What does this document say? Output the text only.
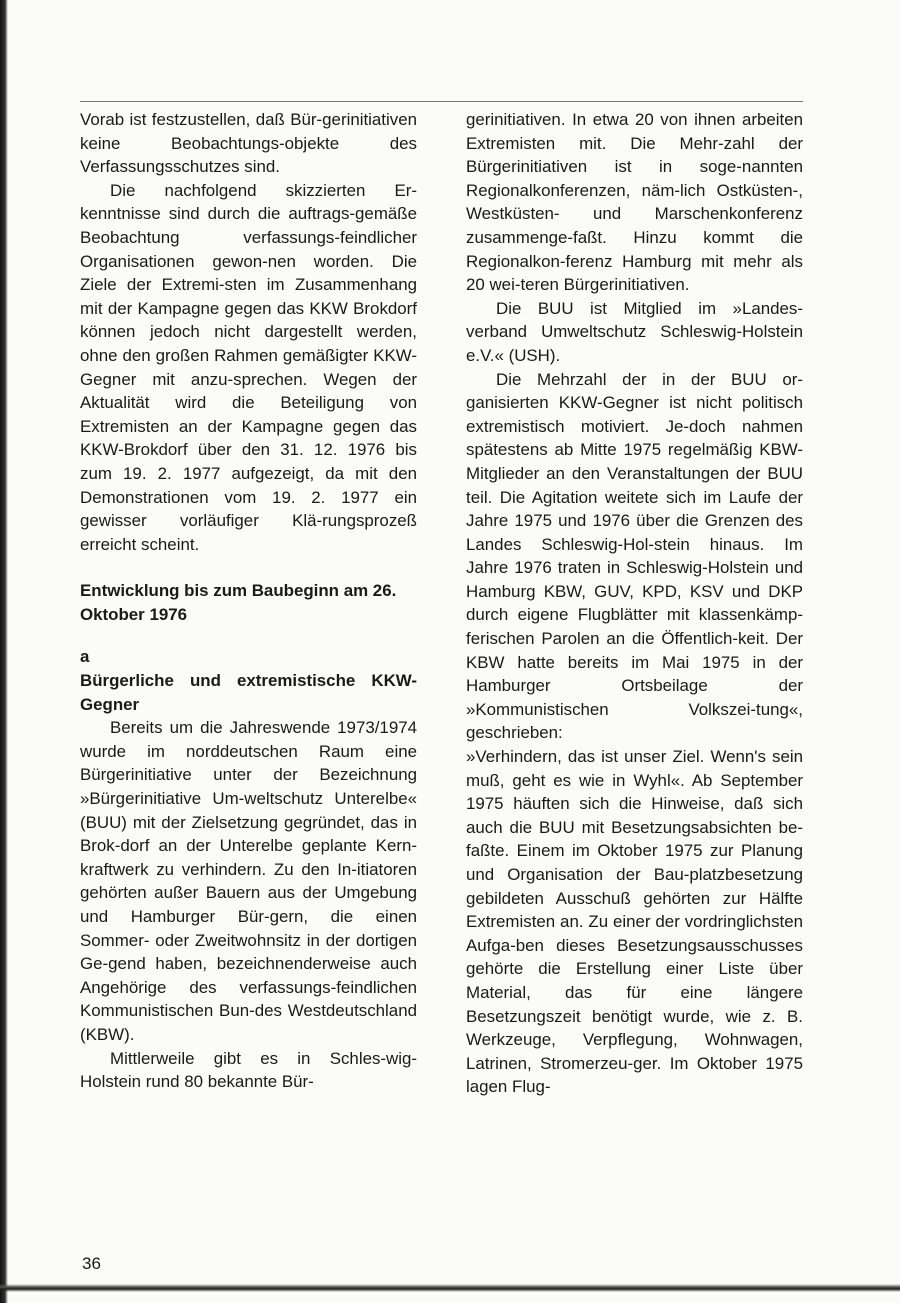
Vorab ist festzustellen, daß Bür-gerinitiativen keine Beobachtungs-objekte des Verfassungsschutzes sind.

Die nachfolgend skizzierten Er-kenntnisse sind durch die auftrags-gemäße Beobachtung verfassungs-feindlicher Organisationen gewon-nen worden. Die Ziele der Extremi-sten im Zusammenhang mit der Kampagne gegen das KKW Brokdorf können jedoch nicht dargestellt werden, ohne den großen Rahmen gemäßigter KKW-Gegner mit anzu-sprechen. Wegen der Aktualität wird die Beteiligung von Extremisten an der Kampagne gegen das KKW-Brokdorf über den 31. 12. 1976 bis zum 19. 2. 1977 aufgezeigt, da mit den Demonstrationen vom 19. 2. 1977 ein gewisser vorläufiger Klä-rungsprozeß erreicht scheint.

Entwicklung bis zum Baubeginn am 26. Oktober 1976
a
Bürgerliche und extremistische KKW-Gegner

Bereits um die Jahreswende 1973/1974 wurde im norddeutschen Raum eine Bürgerinitiative unter der Bezeichnung »Bürgerinitiative Um-weltschutz Unterelbe« (BUU) mit der Zielsetzung gegründet, das in Brok-dorf an der Unterelbe geplante Kern-kraftwerk zu verhindern. Zu den In-itiatoren gehörten außer Bauern aus der Umgebung und Hamburger Bür-gern, die einen Sommer- oder Zweitwohnsitz in der dortigen Ge-gend haben, bezeichnenderweise auch Angehörige des verfassungs-feindlichen Kommunistischen Bun-des Westdeutschland (KBW).

Mittlerweile gibt es in Schles-wig-Holstein rund 80 bekannte Bür-

gerinitiativen. In etwa 20 von ihnen arbeiten Extremisten mit. Die Mehr-zahl der Bürgerinitiativen ist in soge-nannten Regionalkonferenzen, näm-lich Ostküsten-, Westküsten- und Marschenkonferenz zusammenge-faßt. Hinzu kommt die Regionalkon-ferenz Hamburg mit mehr als 20 wei-teren Bürgerinitiativen.

Die BUU ist Mitglied im »Landes-verband Umweltschutz Schleswig-Holstein e.V.« (USH).

Die Mehrzahl der in der BUU or-ganisierten KKW-Gegner ist nicht politisch extremistisch motiviert. Je-doch nahmen spätestens ab Mitte 1975 regelmäßig KBW-Mitglieder an den Veranstaltungen der BUU teil. Die Agitation weitete sich im Laufe der Jahre 1975 und 1976 über die Grenzen des Landes Schleswig-Hol-stein hinaus. Im Jahre 1976 traten in Schleswig-Holstein und Hamburg KBW, GUV, KPD, KSV und DKP durch eigene Flugblätter mit klassenkämp-ferischen Parolen an die Öffentlich-keit. Der KBW hatte bereits im Mai 1975 in der Hamburger Ortsbeilage der »Kommunistischen Volkszei-tung«, geschrieben:

»Verhindern, das ist unser Ziel. Wenn's sein muß, geht es wie in Wyhl«. Ab September 1975 häuften sich die Hinweise, daß sich auch die BUU mit Besetzungsabsichten be-faßte. Einem im Oktober 1975 zur Planung und Organisation der Bau-platzbesetzung gebildeten Ausschuß gehörten zur Hälfte Extremisten an. Zu einer der vordringlichsten Aufga-ben dieses Besetzungsausschusses gehörte die Erstellung einer Liste über Material, das für eine längere Besetzungszeit benötigt wurde, wie z. B. Werkzeuge, Verpflegung, Wohnwagen, Latrinen, Stromerzeu-ger. Im Oktober 1975 lagen Flug-

36
